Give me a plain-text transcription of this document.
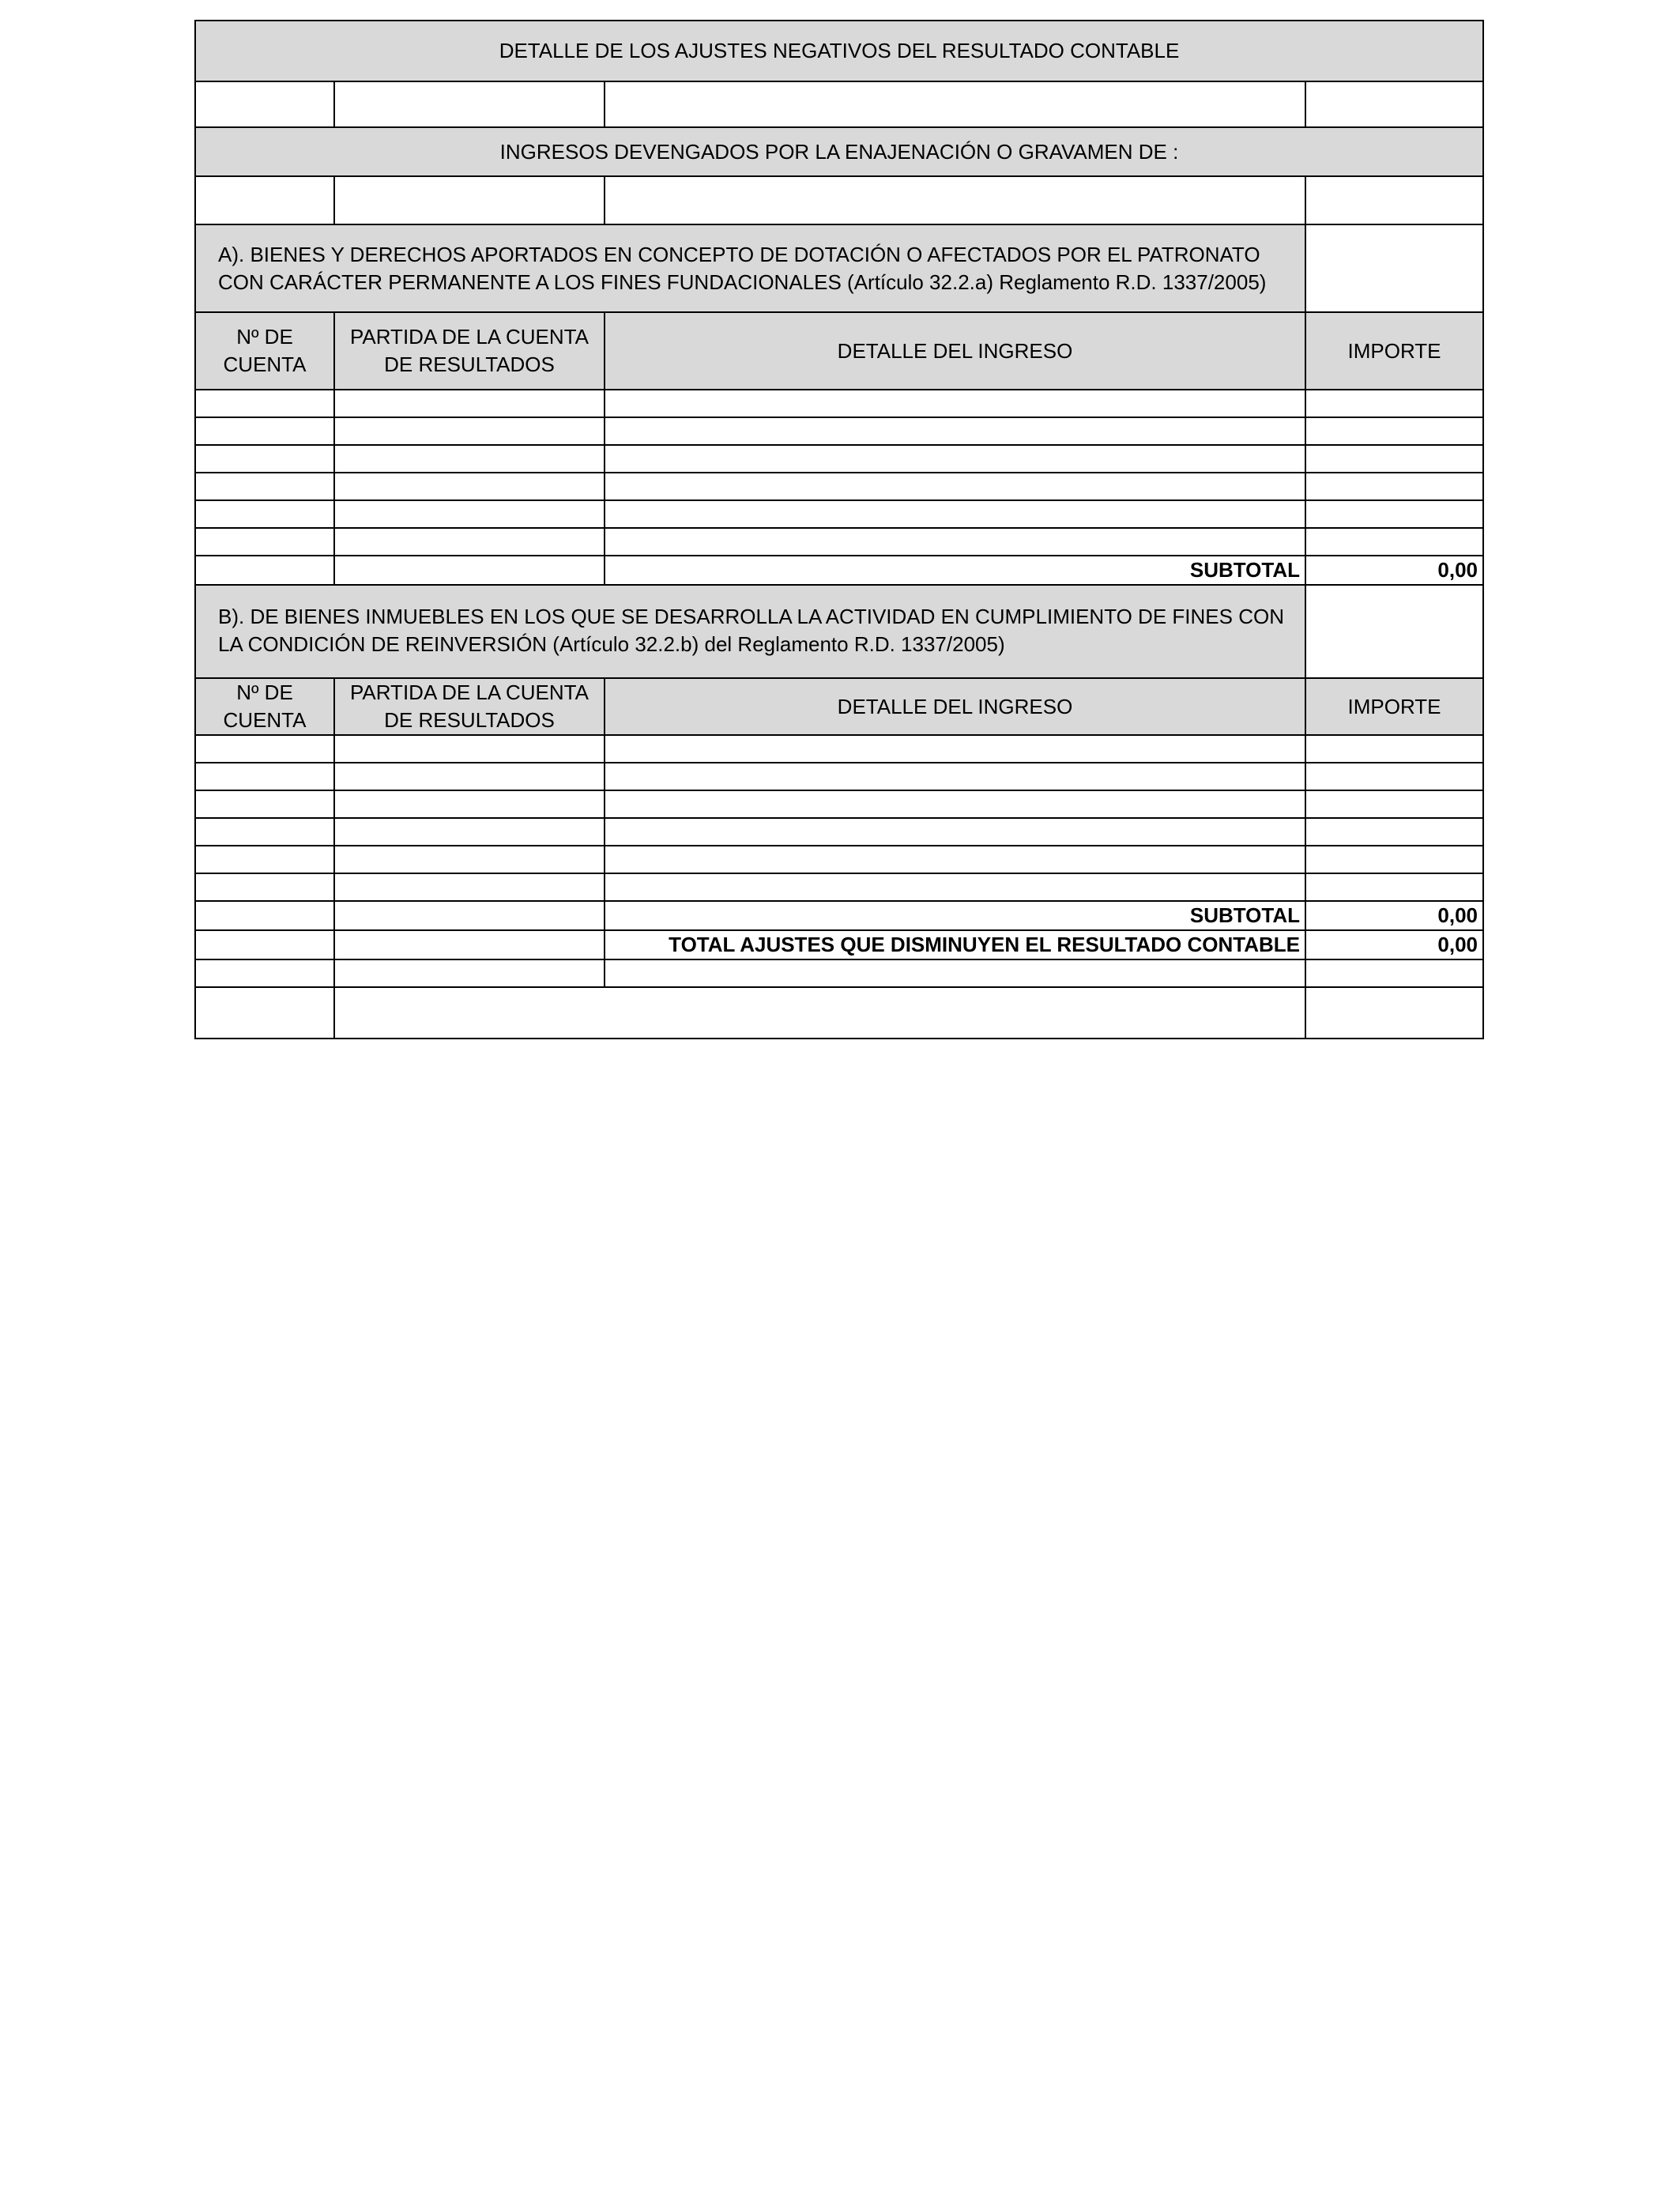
DETALLE DE LOS AJUSTES NEGATIVOS DEL RESULTADO CONTABLE			

INGRESOS DEVENGADOS POR LA ENAJENACIÓN O GRAVAMEN DE :			

A). BIENES Y DERECHOS APORTADOS EN CONCEPTO DE DOTACIÓN O AFECTADOS POR EL PATRONATO CON CARÁCTER PERMANENTE A LOS FINES FUNDACIONALES (Artículo 32.2.a) Reglamento R.D. 1337/2005)			
Nº DE CUENTA	PARTIDA DE LA CUENTA DE RESULTADOS	DETALLE DEL INGRESO	IMPORTE

		SUBTOTAL	0,00
B). DE BIENES INMUEBLES EN LOS QUE SE DESARROLLA LA ACTIVIDAD EN CUMPLIMIENTO DE FINES CON LA CONDICIÓN DE REINVERSIÓN (Artículo 32.2.b) del Reglamento R.D. 1337/2005)			
Nº DE CUENTA	PARTIDA DE LA CUENTA DE RESULTADOS	DETALLE DEL INGRESO	IMPORTE

		SUBTOTAL	0,00
		TOTAL AJUSTES QUE DISMINUYEN EL RESULTADO CONTABLE	0,00
